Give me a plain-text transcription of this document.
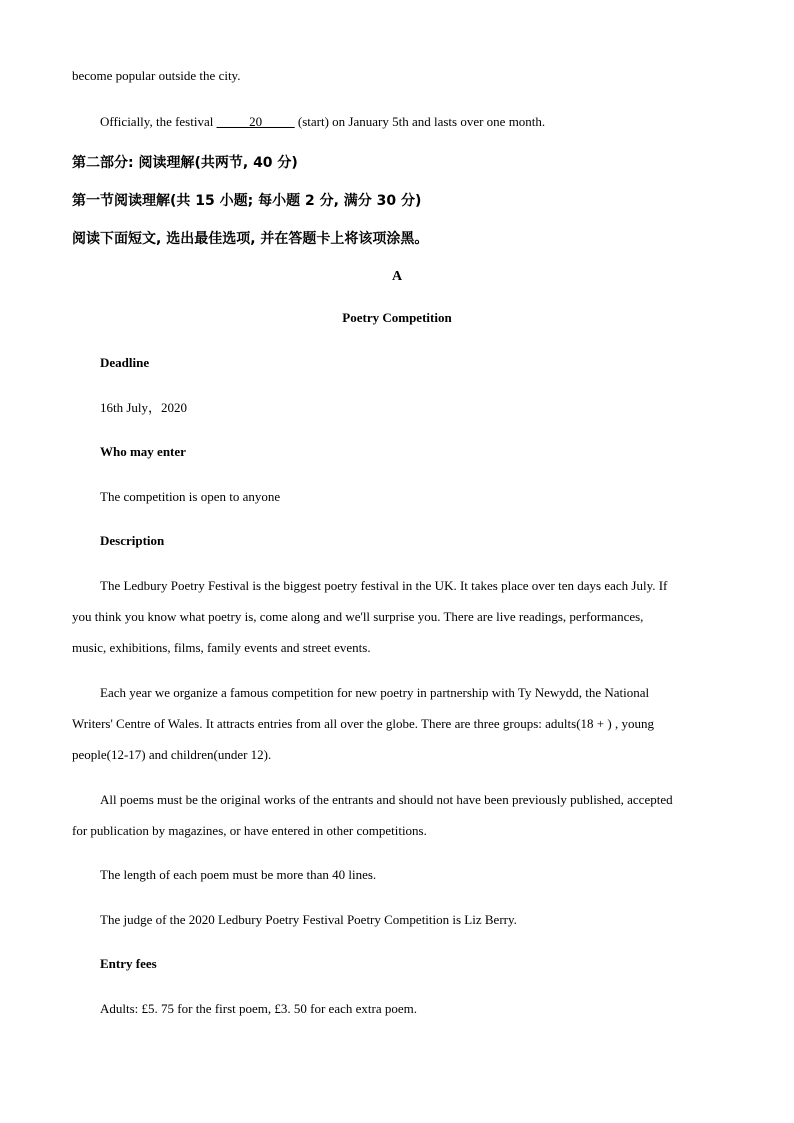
become popular outside the city.
Officially, the festival _____20_____ (start) on January 5th and lasts over one month.
第二部分: 阅读理解(共两节, 40 分)
第一节阅读理解(共 15 小题; 每小题 2 分, 满分 30 分)
阅读下面短文, 选出最佳选项, 并在答题卡上将该项涂黑。
A
Poetry Competition
Deadline
16th July，2020
Who may enter
The competition is open to anyone
Description
The Ledbury Poetry Festival is the biggest poetry festival in the UK. It takes place over ten days each July. If
you think you know what poetry is, come along and we'll surprise you. There are live readings, performances,
music, exhibitions, films, family events and street events.
Each year we organize a famous competition for new poetry in partnership with Ty Newydd, the National
Writers' Centre of Wales. It attracts entries from all over the globe. There are three groups: adults(18 + ) , young
people(12-17) and children(under 12).
All poems must be the original works of the entrants and should not have been previously published, accepted
for publication by magazines, or have entered in other competitions.
The length of each poem must be more than 40 lines.
The judge of the 2020 Ledbury Poetry Festival Poetry Competition is Liz Berry.
Entry fees
Adults: £5. 75 for the first poem, £3. 50 for each extra poem.
